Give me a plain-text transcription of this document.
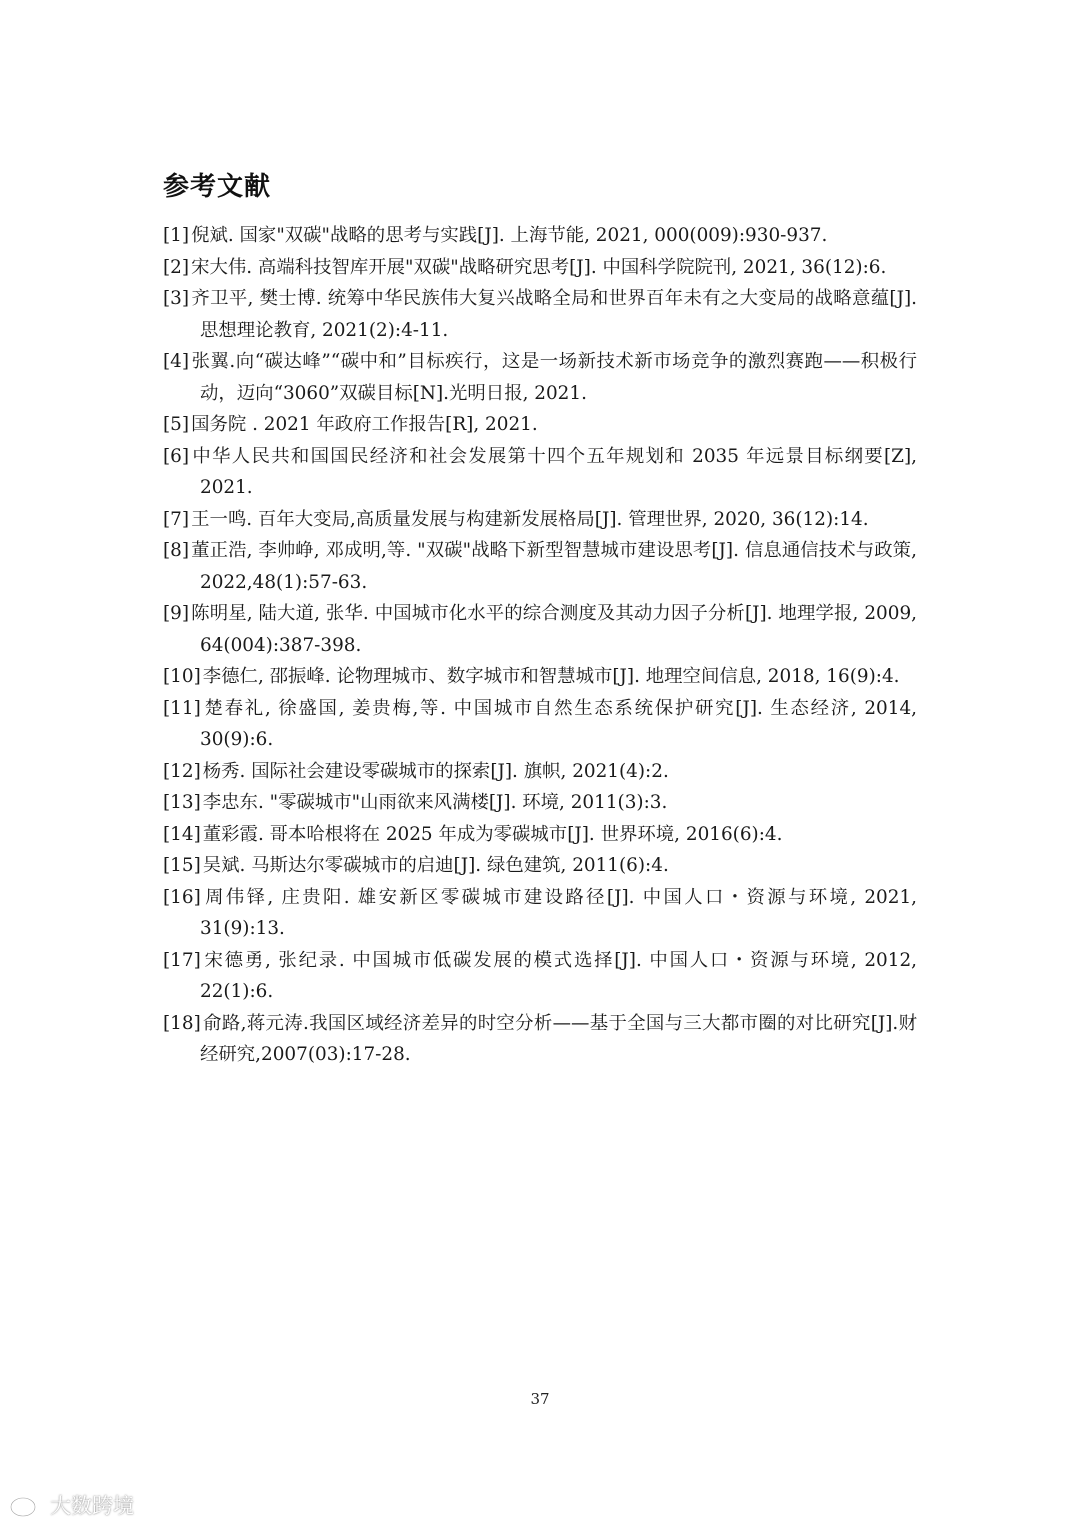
参考文献
[1] 倪斌. 国家"双碳"战略的思考与实践[J]. 上海节能, 2021, 000(009):930-937.
[2] 宋大伟. 高端科技智库开展"双碳"战略研究思考[J]. 中国科学院院刊, 2021, 36(12):6.
[3] 齐卫平, 樊士博. 统筹中华民族伟大复兴战略全局和世界百年未有之大变局的战略意蕴[J]. 思想理论教育, 2021(2):4-11.
[4] 张翼.向“碳达峰”“碳中和”目标疾行，这是一场新技术新市场竞争的激烈赛跑——积极行动，迈向“3060”双碳目标[N].光明日报, 2021.
[5] 国务院 . 2021 年政府工作报告[R], 2021.
[6] 中华人民共和国国民经济和社会发展第十四个五年规划和 2035 年远景目标纲要[Z], 2021.
[7] 王一鸣. 百年大变局,高质量发展与构建新发展格局[J]. 管理世界, 2020, 36(12):14.
[8] 董正浩, 李帅峥, 邓成明,等. "双碳"战略下新型智慧城市建设思考[J]. 信息通信技术与政策, 2022,48(1):57-63.
[9] 陈明星, 陆大道, 张华. 中国城市化水平的综合测度及其动力因子分析[J]. 地理学报, 2009, 64(004):387-398.
[10] 李德仁, 邵振峰. 论物理城市、数字城市和智慧城市[J]. 地理空间信息, 2018, 16(9):4.
[11] 楚春礼, 徐盛国, 姜贵梅,等. 中国城市自然生态系统保护研究[J]. 生态经济, 2014, 30(9):6.
[12] 杨秀. 国际社会建设零碳城市的探索[J]. 旗帜, 2021(4):2.
[13] 李忠东. "零碳城市"山雨欲来风满楼[J]. 环境, 2011(3):3.
[14] 董彩霞. 哥本哈根将在 2025 年成为零碳城市[J]. 世界环境, 2016(6):4.
[15] 吴斌. 马斯达尔零碳城市的启迪[J]. 绿色建筑, 2011(6):4.
[16] 周伟铎, 庄贵阳. 雄安新区零碳城市建设路径[J]. 中国人口・资源与环境, 2021, 31(9):13.
[17] 宋德勇, 张纪录. 中国城市低碳发展的模式选择[J]. 中国人口・资源与环境, 2012, 22(1):6.
[18] 俞路,蒋元涛.我国区域经济差异的时空分析——基于全国与三大都市圈的对比研究[J].财经研究,2007(03):17-28.
37
大数跨境
